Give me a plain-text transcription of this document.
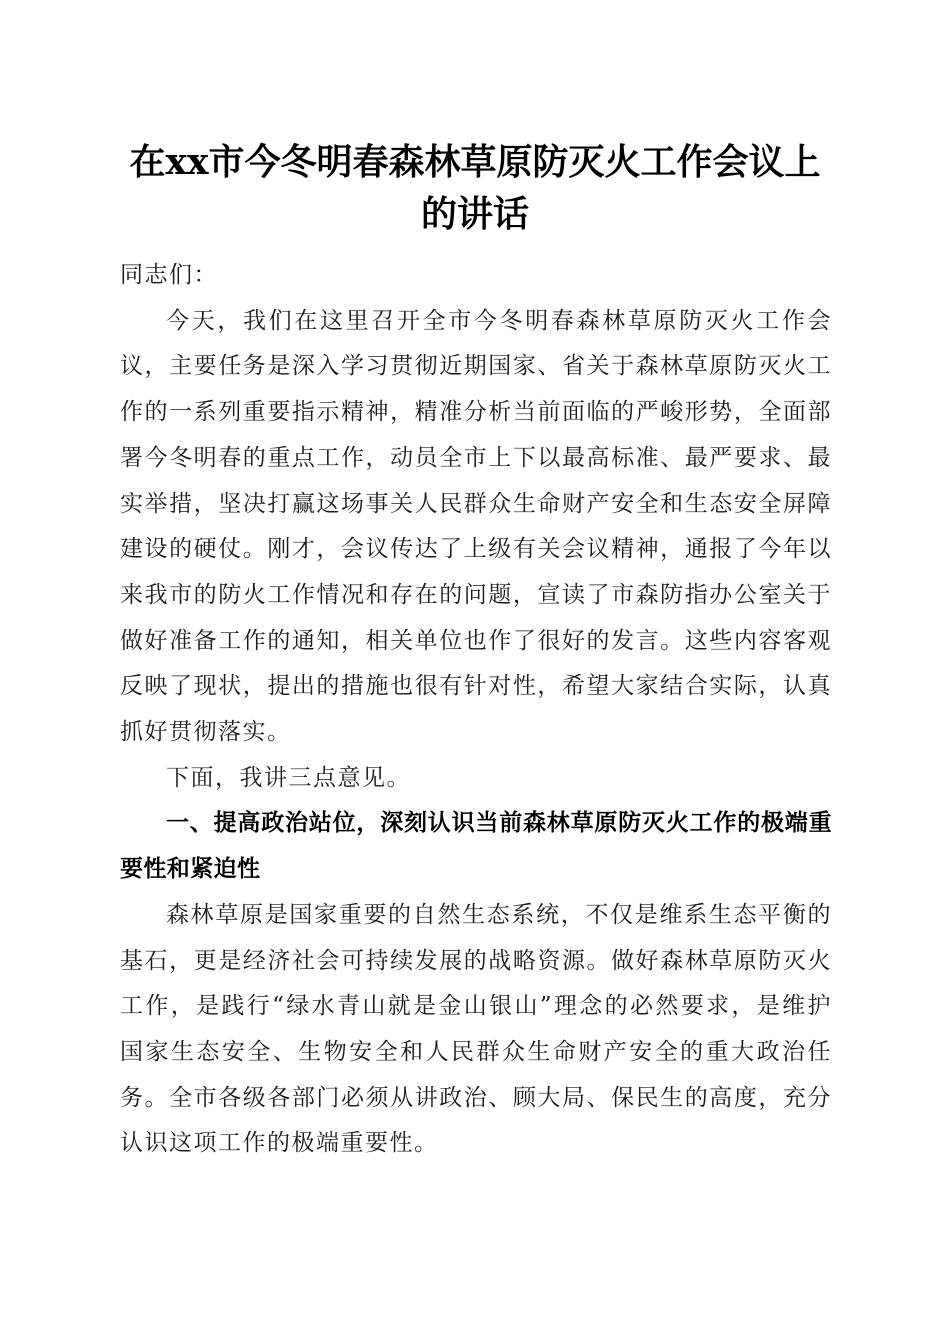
在xx市今冬明春森林草原防灭火工作会议上
的讲话

同志们：

今天，我们在这里召开全市今冬明春森林草原防灭火工作会议，主要任务是深入学习贯彻近期国家、省关于森林草原防灭火工作的一系列重要指示精神，精准分析当前面临的严峻形势，全面部署今冬明春的重点工作，动员全市上下以最高标准、最严要求、最实举措，坚决打赢这场事关人民群众生命财产安全和生态安全屏障建设的硬仗。刚才，会议传达了上级有关会议精神，通报了今年以来我市的防火工作情况和存在的问题，宣读了市森防指办公室关于做好准备工作的通知，相关单位也作了很好的发言。这些内容客观反映了现状，提出的措施也很有针对性，希望大家结合实际，认真抓好贯彻落实。

下面，我讲三点意见。

一、提高政治站位，深刻认识当前森林草原防灭火工作的极端重要性和紧迫性

森林草原是国家重要的自然生态系统，不仅是维系生态平衡的基石，更是经济社会可持续发展的战略资源。做好森林草原防灭火工作，是践行“绿水青山就是金山银山”理念的必然要求，是维护国家生态安全、生物安全和人民群众生命财产安全的重大政治任务。全市各级各部门必须从讲政治、顾大局、保民生的高度，充分认识这项工作的极端重要性。
